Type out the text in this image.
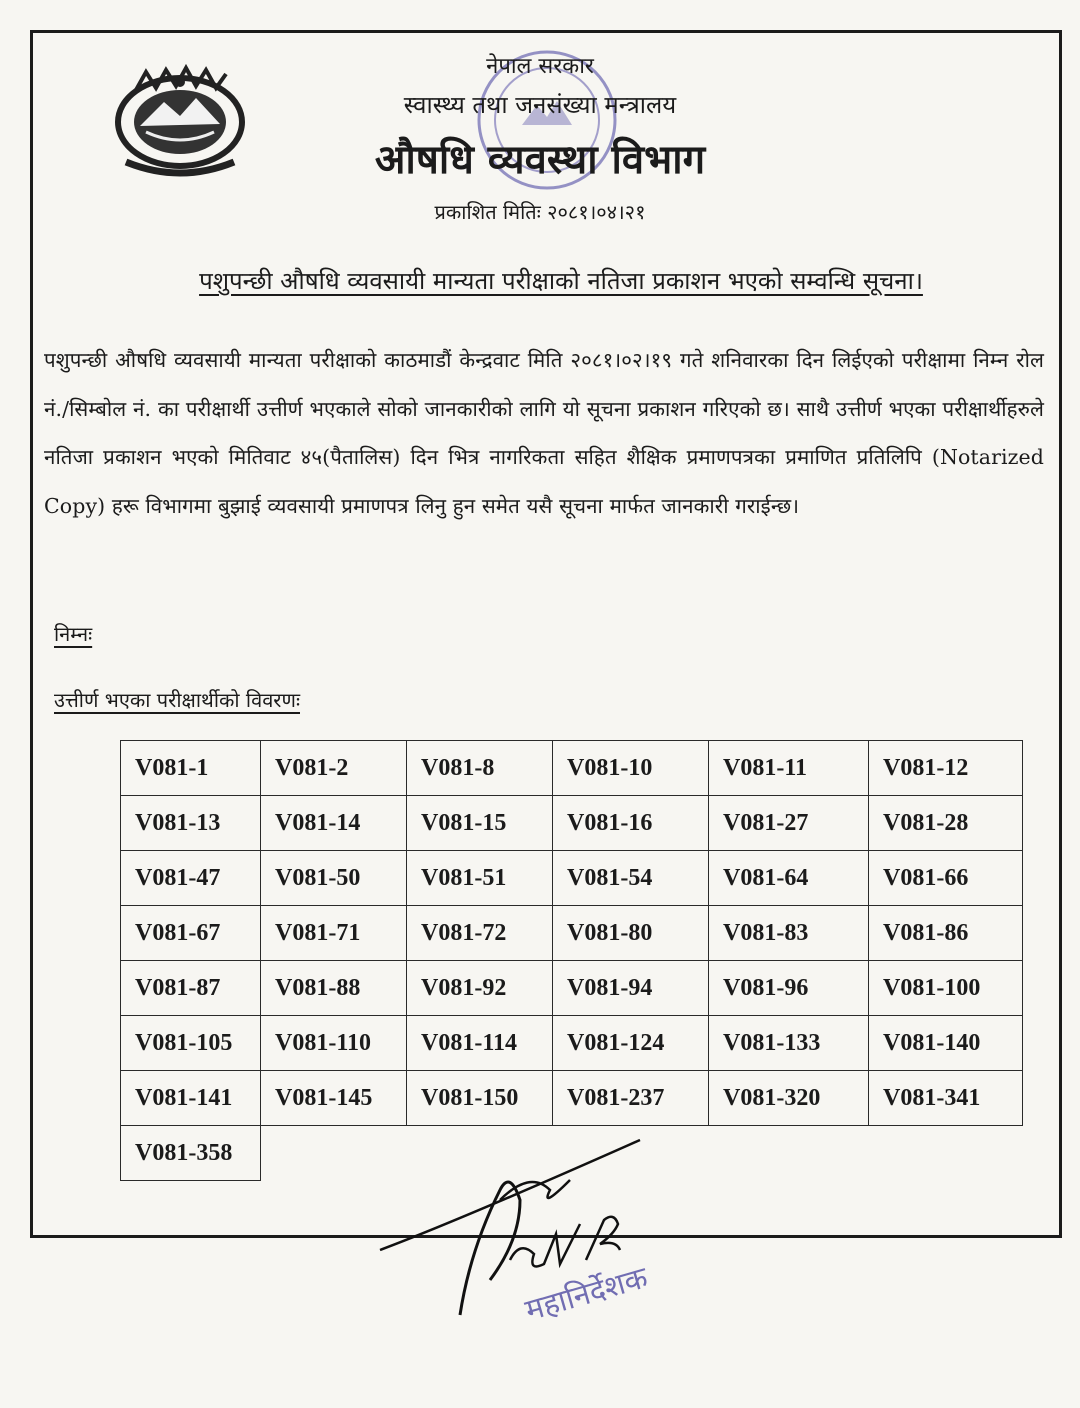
नेपाल सरकार

स्वास्थ्य तथा जनसंख्या मन्त्रालय

औषधि व्यवस्था विभाग

प्रकाशित मितिः २०८१।०४।२१

पशुपन्छी औषधि व्यवसायी मान्यता परीक्षाको नतिजा प्रकाशन भएको सम्वन्धि सूचना।

पशुपन्छी औषधि व्यवसायी मान्यता परीक्षाको काठमाडौं केन्द्रवाट मिति २०८१।०२।१९ गते शनिवारका दिन लिईएको परीक्षामा निम्न रोल नं./सिम्बोल नं. का परीक्षार्थी उत्तीर्ण भएकाले सोको जानकारीको लागि यो सूचना प्रकाशन गरिएको छ। साथै उत्तीर्ण भएका परीक्षार्थीहरुले नतिजा प्रकाशन भएको मितिवाट ४५(पैतालिस) दिन भित्र नागरिकता सहित शैक्षिक प्रमाणपत्रका प्रमाणित प्रतिलिपि (Notarized Copy) हरू विभागमा बुझाई व्यवसायी प्रमाणपत्र लिनु हुन समेत यसै सूचना मार्फत जानकारी गराईन्छ।

निम्नः

उत्तीर्ण भएका परीक्षार्थीको विवरणः

V081-1	V081-2	V081-8	V081-10	V081-11	V081-12
V081-13	V081-14	V081-15	V081-16	V081-27	V081-28
V081-47	V081-50	V081-51	V081-54	V081-64	V081-66
V081-67	V081-71	V081-72	V081-80	V081-83	V081-86
V081-87	V081-88	V081-92	V081-94	V081-96	V081-100
V081-105	V081-110	V081-114	V081-124	V081-133	V081-140
V081-141	V081-145	V081-150	V081-237	V081-320	V081-341
V081-358					

महानिर्देशक
